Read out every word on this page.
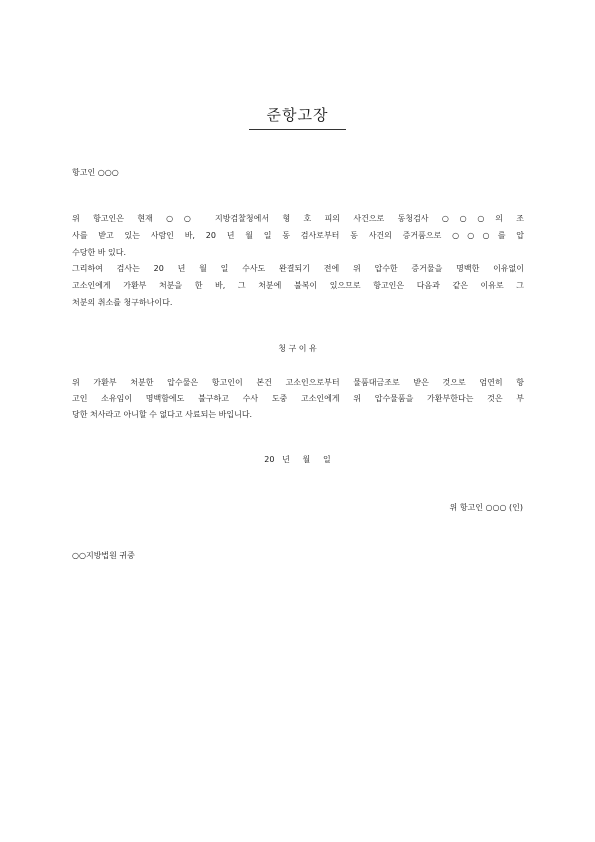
준항고장
항고인 ○○○
위 항고인은 현재 ○○ 지방검찰청에서 형 호 피의 사건으로 동청검사 ○○○의 조
사를 받고 있는 사람인 바, 20 년 월 일 동 검사로부터 동 사건의 증거품으로 ○○○를 압
수당한 바 있다.
그리하여 검사는 20 년 월 일 수사도 완결되기 전에 위 압수한 증거물을 명백한 이유없이
고소인에게 가환부 처분을 한 바, 그 처분에 불복이 있으므로 항고인은 다음과 같은 이유로 그
처분의 취소를 청구하나이다.
청 구 이 유
위 가환부 처분한 압수물은 항고인이 본건 고소인으로부터 물품대금조로 받은 것으로 엄연히 항
고인 소유임이 명백함에도 불구하고 수사 도중 고소인에게 위 압수물품을 가환부한다는 것은 부
당한 처사라고 아니할 수 없다고 사료되는 바입니다.
20   년     월     일
위 항고인 ○○○ (인)
○○지방법원 귀중
